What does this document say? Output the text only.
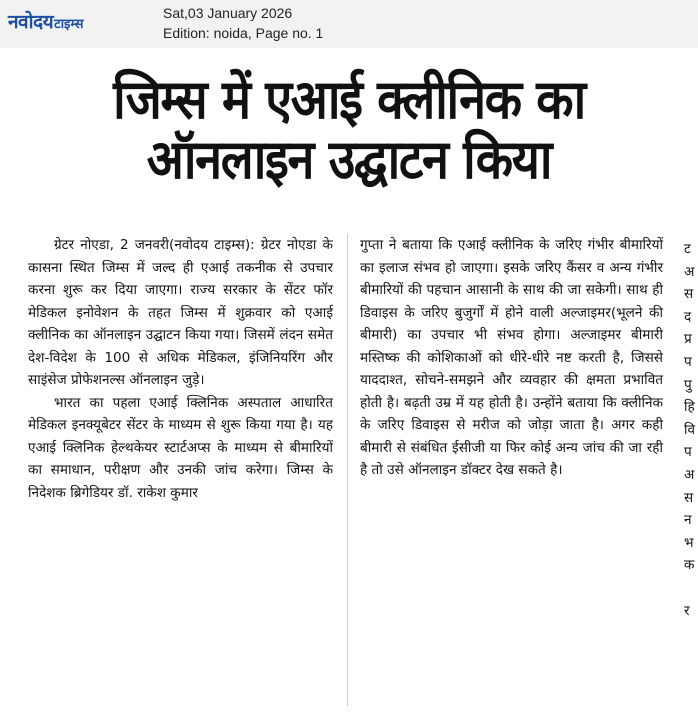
नवोदय टाइम्स
Sat,03 January 2026
Edition: noida, Page no. 1
जिम्स में एआई क्लीनिक का
ऑनलाइन उद्घाटन किया

ग्रेटर नोएडा, 2 जनवरी(नवोदय टाइम्स): ग्रेटर नोएडा के कासना स्थित जिम्स में जल्द ही एआई तकनीक से उपचार करना शुरू कर दिया जाएगा। राज्य सरकार के सेंटर फॉर मेडिकल इनोवेशन के तहत जिम्स में शुक्रवार को एआई क्लीनिक का ऑनलाइन उद्घाटन किया गया। जिसमें लंदन समेत देश-विदेश के 100 से अधिक मेडिकल, इंजिनियरिंग और साइंसेज प्रोफेशनल्स ऑनलाइन जुड़े।

भारत का पहला एआई क्लिनिक अस्पताल आधारित मेडिकल इनक्यूबेटर सेंटर के माध्यम से शुरू किया गया है। यह एआई क्लिनिक हेल्थकेयर स्टार्टअप्स के माध्यम से बीमारियों का समाधान, परीक्षण और उनकी जांच करेगा। जिम्स के निदेशक ब्रिगेडियर डॉ. राकेश कुमार

गुप्ता ने बताया कि एआई क्लीनिक के जरिए गंभीर बीमारियों का इलाज संभव हो जाएगा। इसके जरिए कैंसर व अन्य गंभीर बीमारियों की पहचान आसानी के साथ की जा सकेगी। साथ ही डिवाइस के जरिए बुजुर्गों में होने वाली अल्जाइमर(भूलने की बीमारी) का उपचार भी संभव होगा। अल्जाइमर बीमारी मस्तिष्क की कोशिकाओं को धीरे-धीरे नष्ट करती है, जिससे याददाश्त, सोचने-समझने और व्यवहार की क्षमता प्रभावित होती है। बढ़ती उम्र में यह होती है। उन्होंने बताया कि क्लीनिक के जरिए डिवाइस से मरीज को जोड़ा जाता है। अगर कही बीमारी से संबंधित ईसीजी या फिर कोई अन्य जांच की जा रही है तो उसे ऑनलाइन डॉक्टर देख सकते है।

ट
अ
स
द
प्र
प
पु
हि
वि
प
अ
स
न
भ
क
र
